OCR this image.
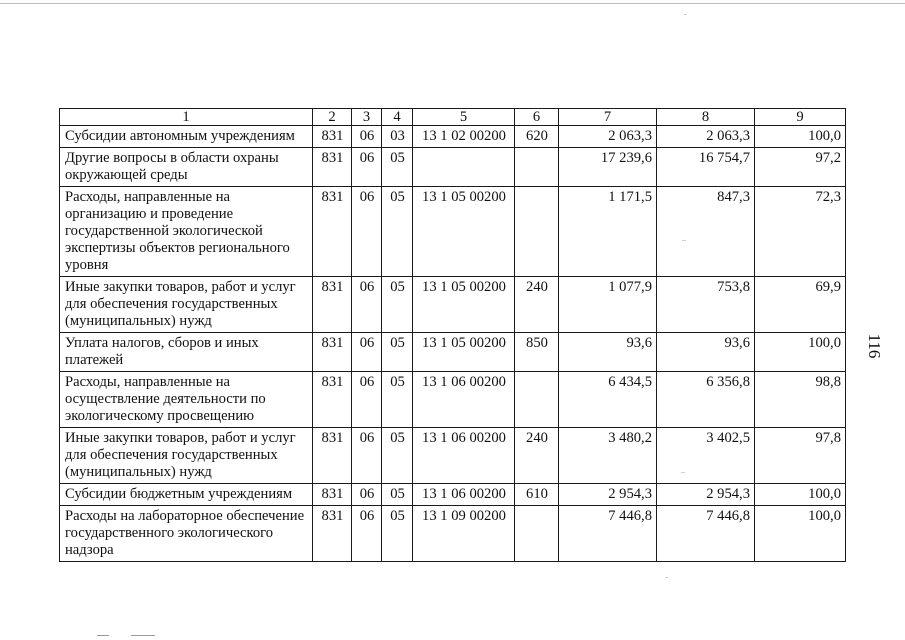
1	2	3	4	5	6	7	8	9
Субсидии автономным учреждениям	831	06	03	13 1 02 00200	620	2 063,3	2 063,3	100,0
Другие вопросы в области охраны окружающей среды	831	06	05			17 239,6	16 754,7	97,2
Расходы, направленные на организацию и проведение государственной экологической экспертизы объектов регионального уровня	831	06	05	13 1 05 00200		1 171,5	847,3	72,3
Иные закупки товаров, работ и услуг для обеспечения государственных (муниципальных) нужд	831	06	05	13 1 05 00200	240	1 077,9	753,8	69,9
Уплата налогов, сборов и иных платежей	831	06	05	13 1 05 00200	850	93,6	93,6	100,0
Расходы, направленные на осуществление деятельности по экологическому просвещению	831	06	05	13 1 06 00200		6 434,5	6 356,8	98,8
Иные закупки товаров, работ и услуг для обеспечения государственных (муниципальных) нужд	831	06	05	13 1 06 00200	240	3 480,2	3 402,5	97,8
Субсидии бюджетным учреждениям	831	06	05	13 1 06 00200	610	2 954,3	2 954,3	100,0
Расходы на лабораторное обеспечение государственного экологического надзора	831	06	05	13 1 09 00200		7 446,8	7 446,8	100,0
116
